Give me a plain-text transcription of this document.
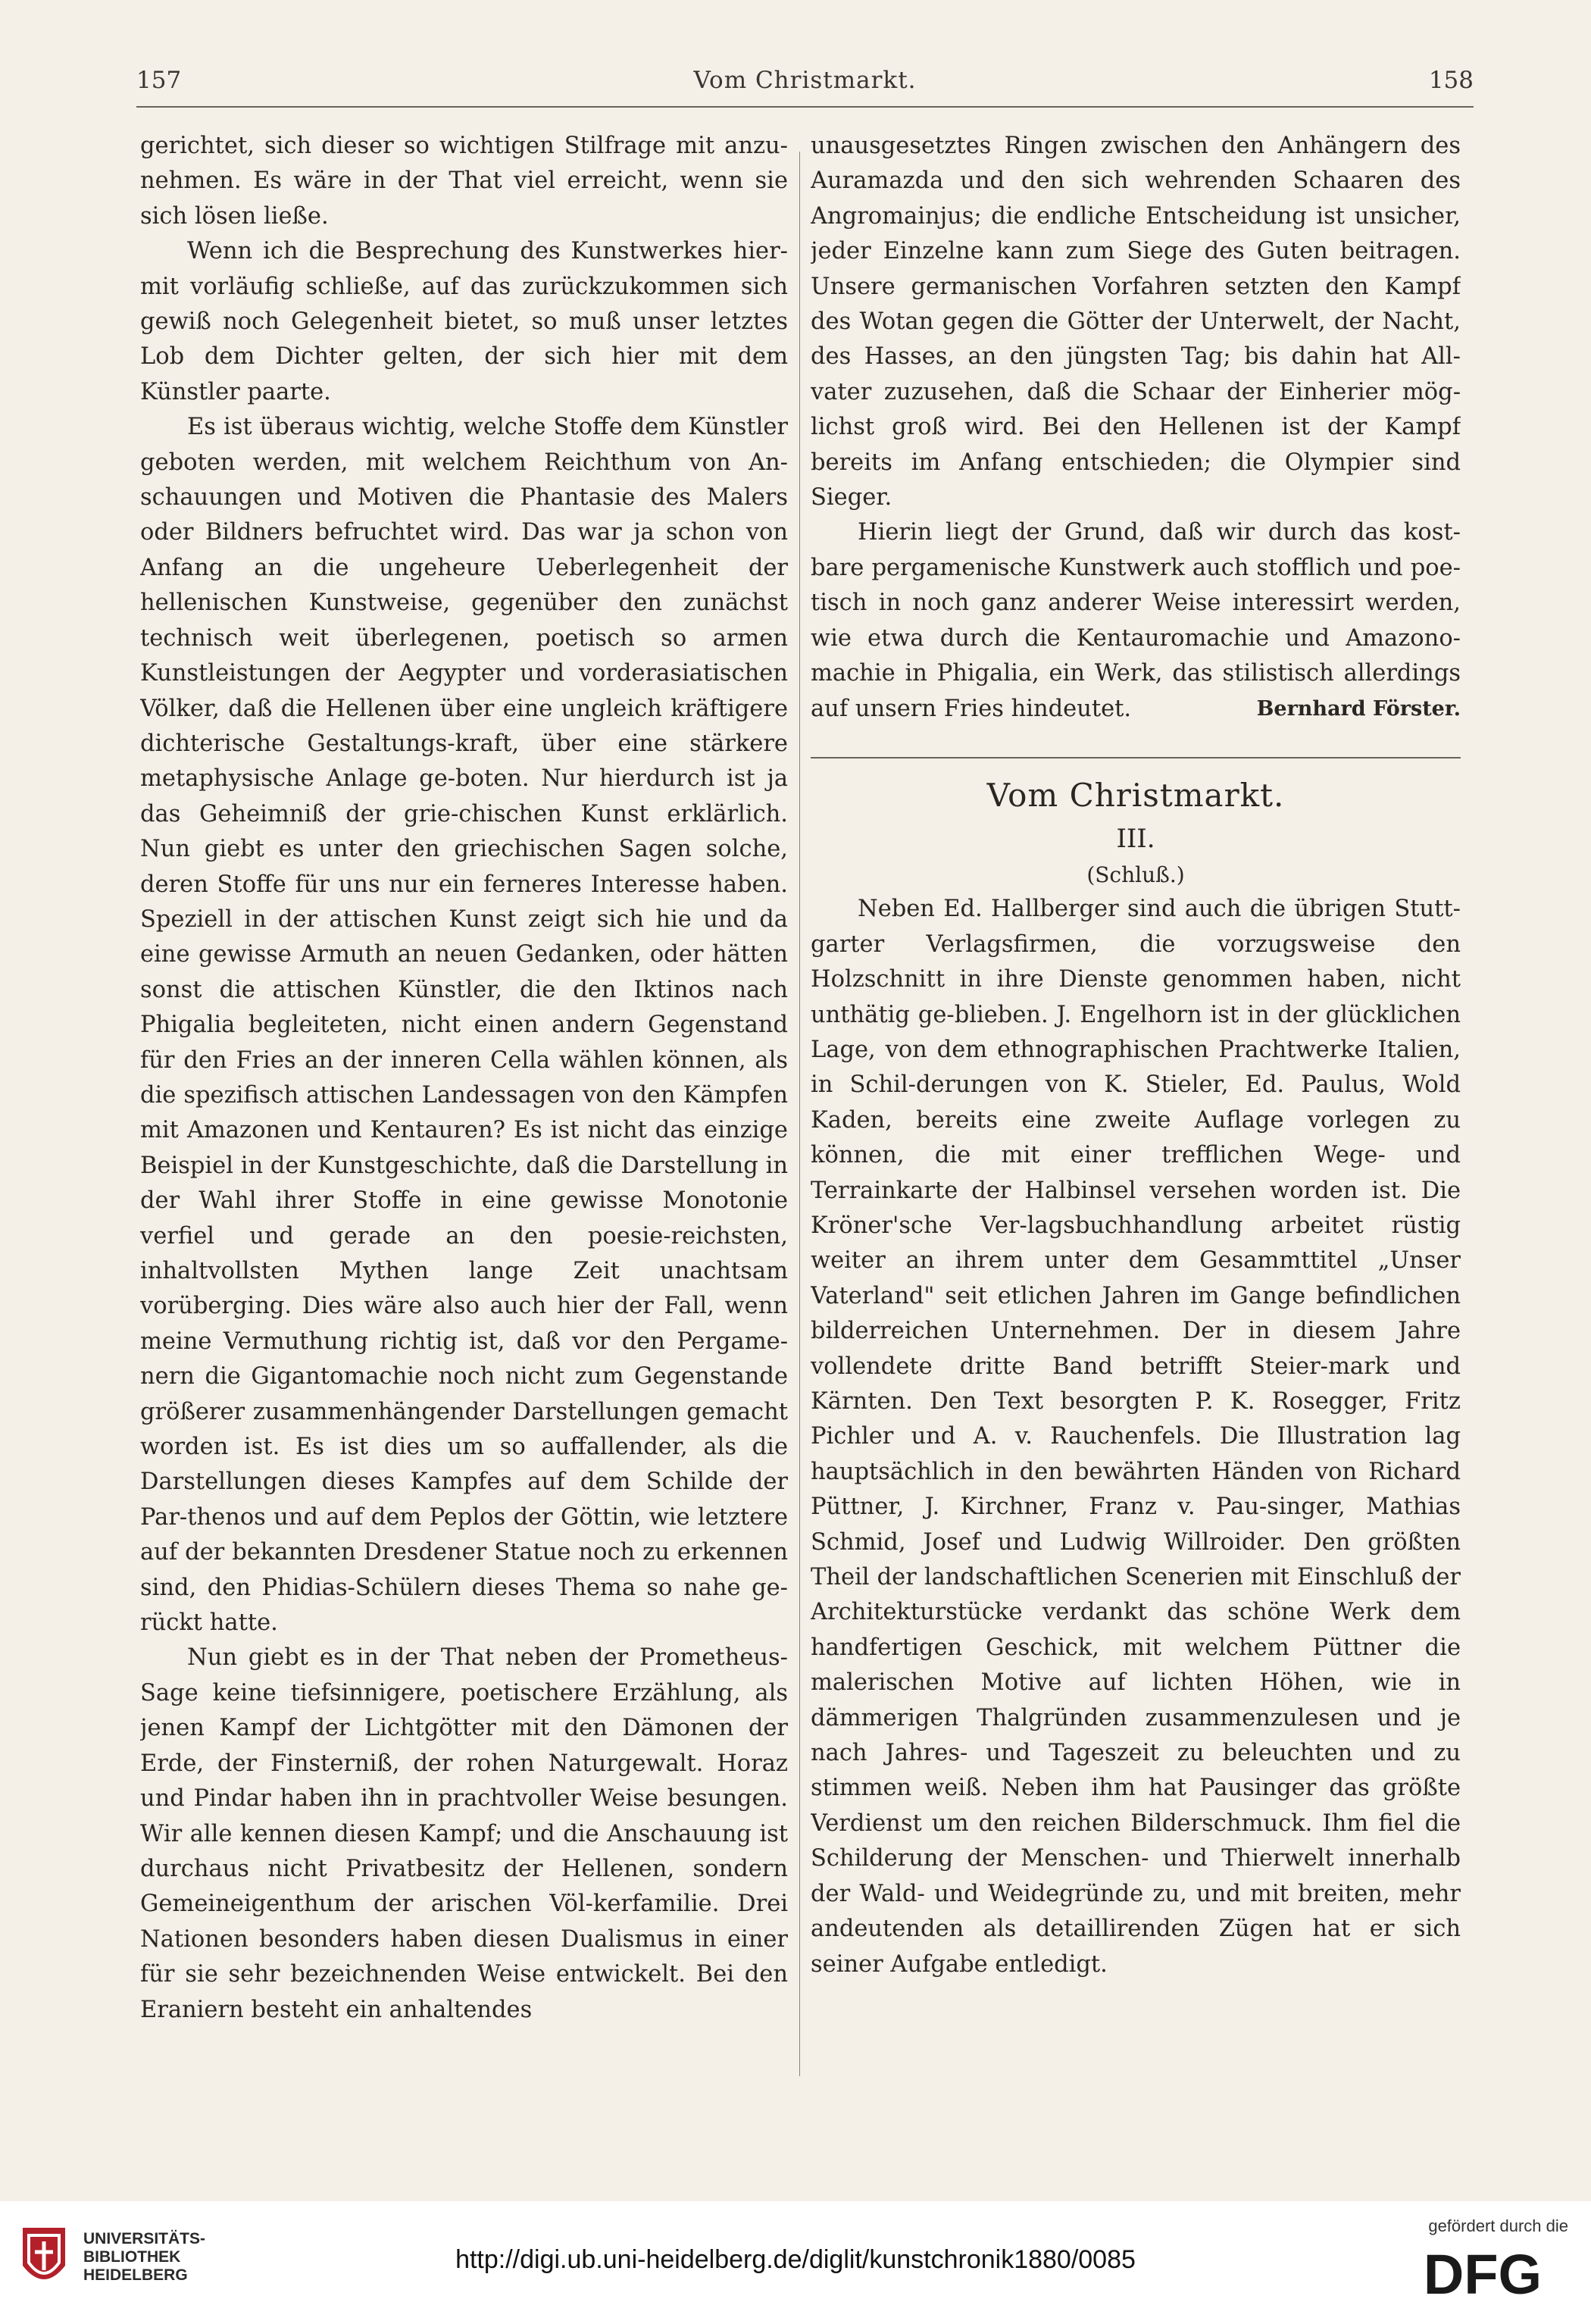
157	Vom Christmarkt.	158

gerichtet, sich dieser so wichtigen Stilfrage mit anzu-nehmen. Es wäre in der That viel erreicht, wenn sie sich lösen ließe.

Wenn ich die Besprechung des Kunstwerkes hier-mit vorläufig schließe, auf das zurückzukommen sich gewiß noch Gelegenheit bietet, so muß unser letztes Lob dem Dichter gelten, der sich hier mit dem Künstler paarte.

Es ist überaus wichtig, welche Stoffe dem Künstler geboten werden, mit welchem Reichthum von An-schauungen und Motiven die Phantasie des Malers oder Bildners befruchtet wird. Das war ja schon von Anfang an die ungeheure Ueberlegenheit der hellenischen Kunstweise, gegenüber den zunächst technisch weit überlegenen, poetisch so armen Kunstleistungen der Aegypter und vorderasiatischen Völker, daß die Hellenen über eine ungleich kräftigere dichterische Gestaltungs-kraft, über eine stärkere metaphysische Anlage ge-boten. Nur hierdurch ist ja das Geheimniß der grie-chischen Kunst erklärlich. Nun giebt es unter den griechischen Sagen solche, deren Stoffe für uns nur ein ferneres Interesse haben. Speziell in der attischen Kunst zeigt sich hie und da eine gewisse Armuth an neuen Gedanken, oder hätten sonst die attischen Künstler, die den Iktinos nach Phigalia begleiteten, nicht einen andern Gegenstand für den Fries an der inneren Cella wählen können, als die spezifisch attischen Landessagen von den Kämpfen mit Amazonen und Kentauren? Es ist nicht das einzige Beispiel in der Kunstgeschichte, daß die Darstellung in der Wahl ihrer Stoffe in eine gewisse Monotonie verfiel und gerade an den poesie-reichsten, inhaltvollsten Mythen lange Zeit unachtsam vorüberging. Dies wäre also auch hier der Fall, wenn meine Vermuthung richtig ist, daß vor den Pergame-nern die Gigantomachie noch nicht zum Gegenstande größerer zusammenhängender Darstellungen gemacht worden ist. Es ist dies um so auffallender, als die Darstellungen dieses Kampfes auf dem Schilde der Par-thenos und auf dem Peplos der Göttin, wie letztere auf der bekannten Dresdener Statue noch zu erkennen sind, den Phidias-Schülern dieses Thema so nahe ge-rückt hatte.

Nun giebt es in der That neben der Prometheus-Sage keine tiefsinnigere, poetischere Erzählung, als jenen Kampf der Lichtgötter mit den Dämonen der Erde, der Finsterniß, der rohen Naturgewalt. Horaz und Pindar haben ihn in prachtvoller Weise besungen. Wir alle kennen diesen Kampf; und die Anschauung ist durchaus nicht Privatbesitz der Hellenen, sondern Gemeineigenthum der arischen Völ-kerfamilie. Drei Nationen besonders haben diesen Dualismus in einer für sie sehr bezeichnenden Weise entwickelt. Bei den Eraniern besteht ein anhaltendes

unausgesetztes Ringen zwischen den Anhängern des Auramazda und den sich wehrenden Schaaren des Angromainjus; die endliche Entscheidung ist unsicher, jeder Einzelne kann zum Siege des Guten beitragen. Unsere germanischen Vorfahren setzten den Kampf des Wotan gegen die Götter der Unterwelt, der Nacht, des Hasses, an den jüngsten Tag; bis dahin hat All-vater zuzusehen, daß die Schaar der Einherier mög-lichst groß wird. Bei den Hellenen ist der Kampf bereits im Anfang entschieden; die Olympier sind Sieger.

Hierin liegt der Grund, daß wir durch das kost-bare pergamenische Kunstwerk auch stofflich und poe-tisch in noch ganz anderer Weise interessirt werden, wie etwa durch die Kentauromachie und Amazono-machie in Phigalia, ein Werk, das stilistisch allerdings auf unsern Fries hindeutet.	Bernhard Förster.

Vom Christmarkt.

III.

(Schluß.)

Neben Ed. Hallberger sind auch die übrigen Stutt-garter Verlagsfirmen, die vorzugsweise den Holzschnitt in ihre Dienste genommen haben, nicht unthätig ge-blieben. J. Engelhorn ist in der glücklichen Lage, von dem ethnographischen Prachtwerke Italien, in Schil-derungen von K. Stieler, Ed. Paulus, Wold Kaden, bereits eine zweite Auflage vorlegen zu können, die mit einer trefflichen Wege- und Terrainkarte der Halbinsel versehen worden ist. Die Kröner'sche Ver-lagsbuchhandlung arbeitet rüstig weiter an ihrem unter dem Gesammttitel „Unser Vaterland" seit etlichen Jahren im Gange befindlichen bilderreichen Unternehmen. Der in diesem Jahre vollendete dritte Band betrifft Steier-mark und Kärnten. Den Text besorgten P. K. Rosegger, Fritz Pichler und A. v. Rauchenfels. Die Illustration lag hauptsächlich in den bewährten Händen von Richard Püttner, J. Kirchner, Franz v. Pau-singer, Mathias Schmid, Josef und Ludwig Willroider. Den größten Theil der landschaftlichen Scenerien mit Einschluß der Architekturstücke verdankt das schöne Werk dem handfertigen Geschick, mit welchem Püttner die malerischen Motive auf lichten Höhen, wie in dämmerigen Thalgründen zusammenzulesen und je nach Jahres- und Tageszeit zu beleuchten und zu stimmen weiß. Neben ihm hat Pausinger das größte Verdienst um den reichen Bilderschmuck. Ihm fiel die Schilderung der Menschen- und Thierwelt innerhalb der Wald- und Weidegründe zu, und mit breiten, mehr andeutenden als detaillirenden Zügen hat er sich seiner Aufgabe entledigt.

UNIVERSITÄTS-
BIBLIOTHEK
HEIDELBERG
http://digi.ub.uni-heidelberg.de/diglit/kunstchronik1880/0085
gefördert durch die
DFG
